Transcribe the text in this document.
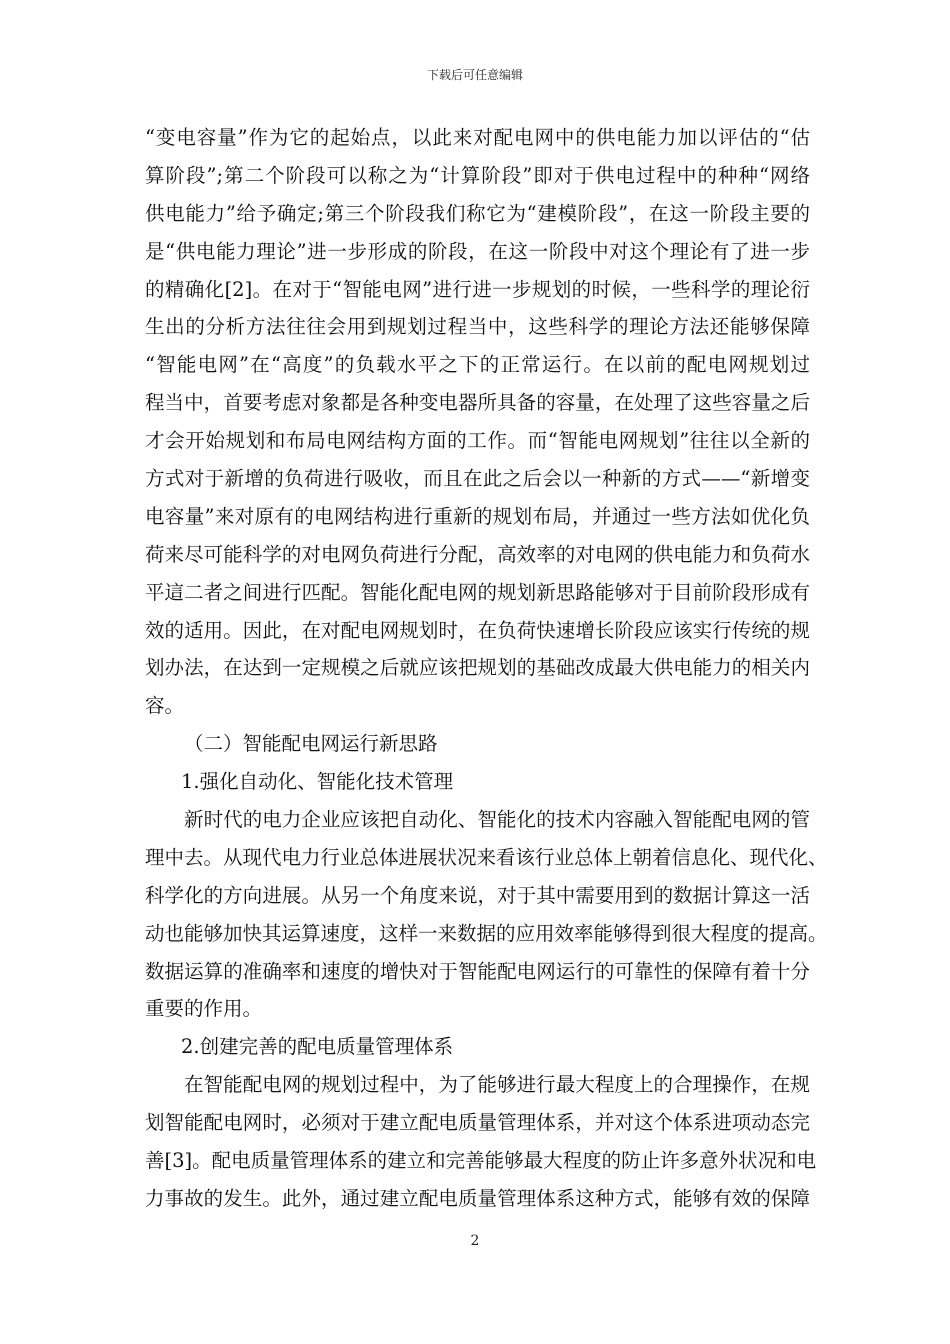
下载后可任意编辑
“变电容量”作为它的起始点，以此来对配电网中的供电能力加以评估的“估
算阶段”;第二个阶段可以称之为“计算阶段”即对于供电过程中的种种“网络
供电能力”给予确定;第三个阶段我们称它为“建模阶段”，在这一阶段主要的
是“供电能力理论”进一步形成的阶段，在这一阶段中对这个理论有了进一步
的精确化[2]。在对于“智能电网”进行进一步规划的时候，一些科学的理论衍
生出的分析方法往往会用到规划过程当中，这些科学的理论方法还能够保障
“智能电网”在“高度”的负载水平之下的正常运行。在以前的配电网规划过
程当中，首要考虑对象都是各种变电器所具备的容量，在处理了这些容量之后
才会开始规划和布局电网结构方面的工作。而“智能电网规划”往往以全新的
方式对于新增的负荷进行吸收，而且在此之后会以一种新的方式——“新增变
电容量”来对原有的电网结构进行重新的规划布局，并通过一些方法如优化负
荷来尽可能科学的对电网负荷进行分配，高效率的对电网的供电能力和负荷水
平這二者之间进行匹配。智能化配电网的规划新思路能够对于目前阶段形成有
效的适用。因此，在对配电网规划时，在负荷快速增长阶段应该实行传统的规
划办法，在达到一定规模之后就应该把规划的基础改成最大供电能力的相关内
容。
（二）智能配电网运行新思路
1.强化自动化、智能化技术管理
新时代的电力企业应该把自动化、智能化的技术内容融入智能配电网的管
理中去。从现代电力行业总体进展状况来看该行业总体上朝着信息化、现代化、
科学化的方向进展。从另一个角度来说，对于其中需要用到的数据计算这一活
动也能够加快其运算速度，这样一来数据的应用效率能够得到很大程度的提高。
数据运算的准确率和速度的增快对于智能配电网运行的可靠性的保障有着十分
重要的作用。
2.创建完善的配电质量管理体系
在智能配电网的规划过程中，为了能够进行最大程度上的合理操作，在规
划智能配电网时，必须对于建立配电质量管理体系，并对这个体系进项动态完
善[3]。配电质量管理体系的建立和完善能够最大程度的防止许多意外状况和电
力事故的发生。此外，通过建立配电质量管理体系这种方式，能够有效的保障
2
